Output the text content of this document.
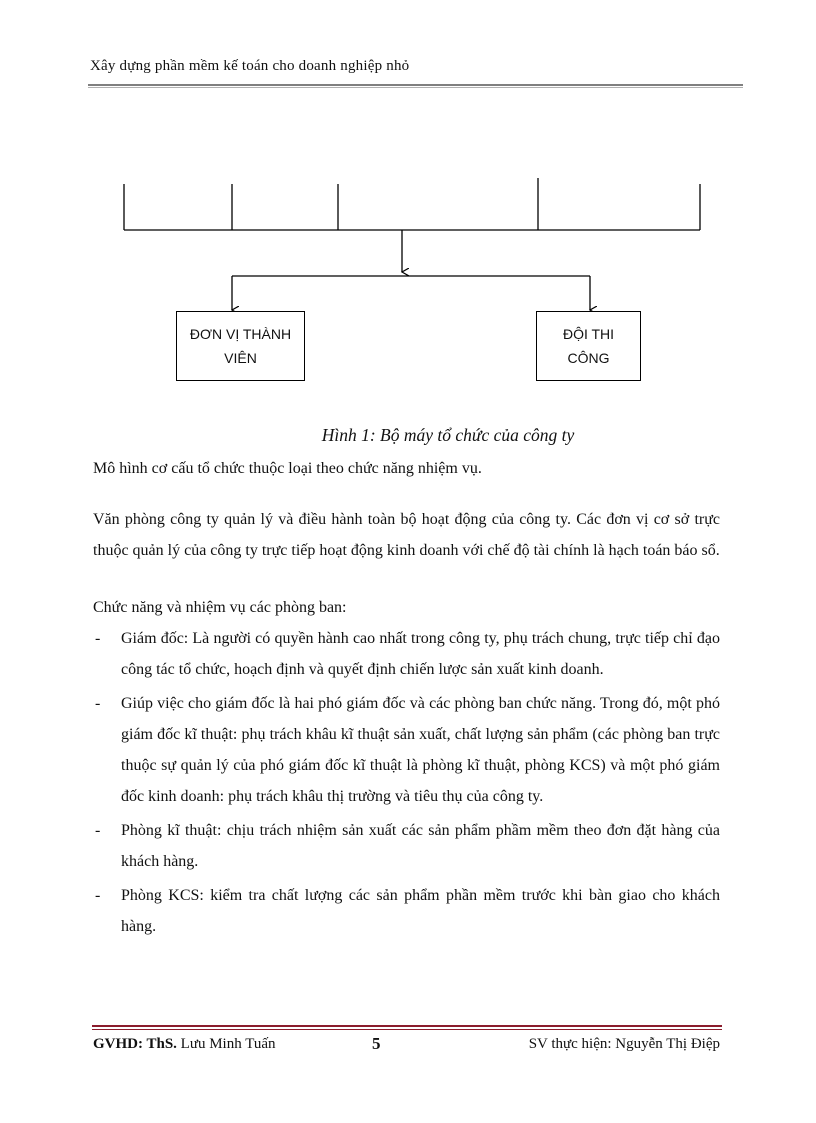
Xây dựng phần mềm kế toán cho doanh nghiệp nhỏ
ĐƠN VỊ THÀNH VIÊN
ĐỘI THI CÔNG
Hình 1: Bộ máy tổ chức của công ty
Mô hình cơ cấu tổ chức thuộc loại theo chức năng nhiệm vụ.
Văn phòng công ty quản lý và điều hành toàn bộ hoạt động của công ty. Các đơn vị cơ sở trực thuộc quản lý của công ty trực tiếp hoạt động kinh doanh với chế độ tài chính là hạch toán báo sổ.
Chức năng và nhiệm vụ các phòng ban:
- Giám đốc: Là người có quyền hành cao nhất trong công ty, phụ trách chung, trực tiếp chỉ đạo công tác tổ chức, hoạch định và quyết định chiến lược sản xuất kinh doanh.
- Giúp việc cho giám đốc là hai phó giám đốc và các phòng ban chức năng. Trong đó, một phó giám đốc kĩ thuật: phụ trách khâu kĩ thuật sản xuất, chất lượng sản phẩm (các phòng ban trực thuộc sự quản lý của phó giám đốc kĩ thuật là phòng kĩ thuật, phòng KCS) và một phó giám đốc kinh doanh: phụ trách khâu thị trường và tiêu thụ của công ty.
- Phòng kĩ thuật: chịu trách nhiệm sản xuất các sản phẩm phầm mềm theo đơn đặt hàng của khách hàng.
- Phòng KCS: kiểm tra chất lượng các sản phẩm phần mềm trước khi bàn giao cho khách hàng.
GVHD: ThS. Lưu Minh Tuấn	5	SV thực hiện: Nguyễn Thị Điệp
